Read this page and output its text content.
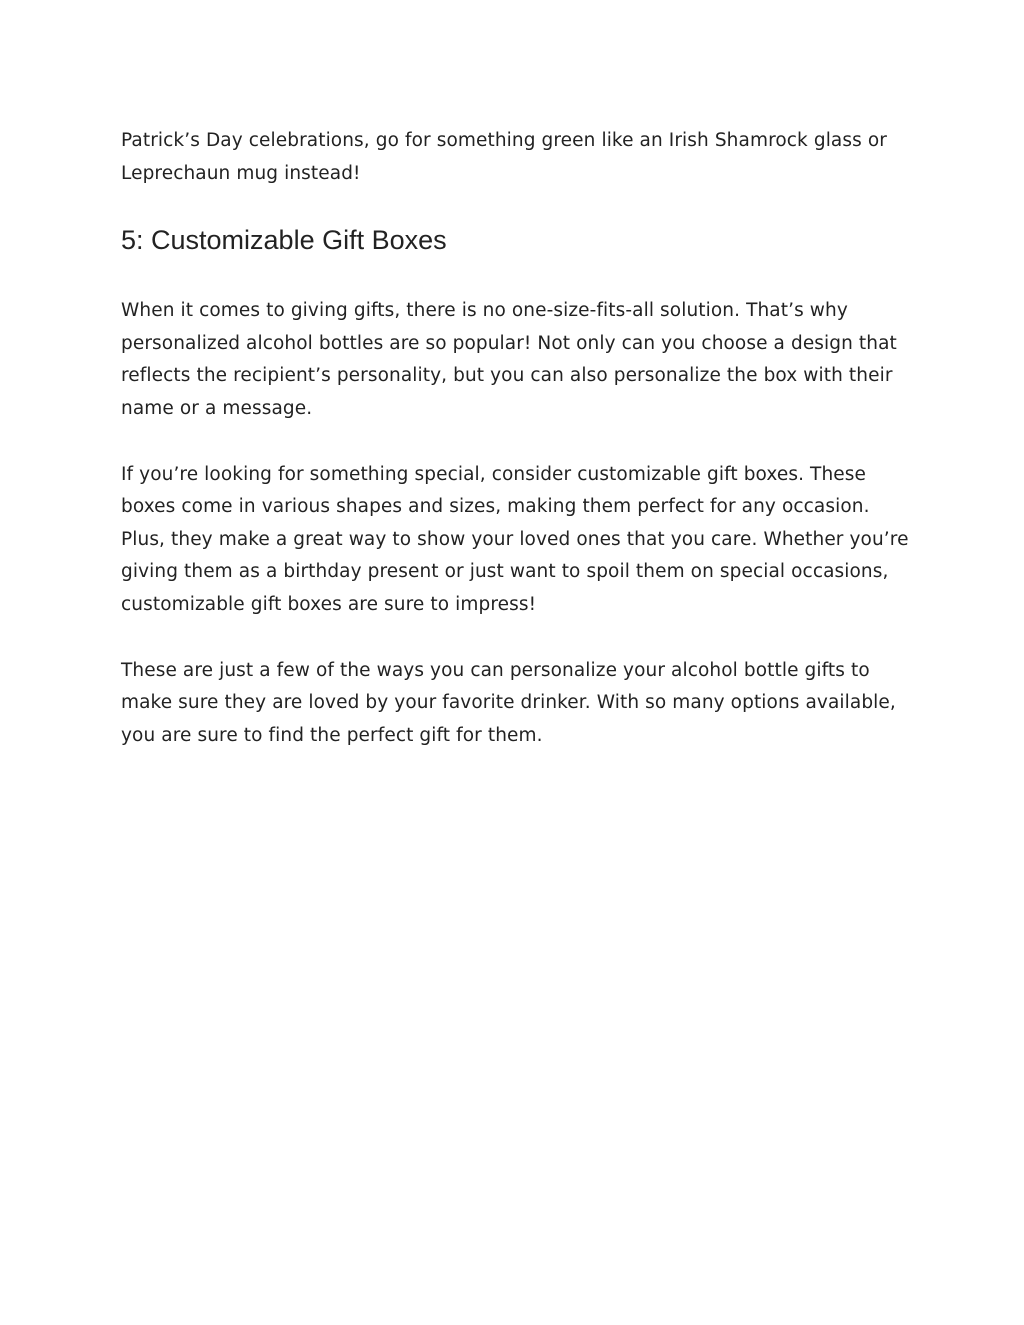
Patrick’s Day celebrations, go for something green like an Irish Shamrock glass or Leprechaun mug instead!

5: Customizable Gift Boxes

When it comes to giving gifts, there is no one-size-fits-all solution. That’s why personalized alcohol bottles are so popular! Not only can you choose a design that reflects the recipient’s personality, but you can also personalize the box with their name or a message.

If you’re looking for something special, consider customizable gift boxes. These boxes come in various shapes and sizes, making them perfect for any occasion. Plus, they make a great way to show your loved ones that you care. Whether you’re giving them as a birthday present or just want to spoil them on special occasions, customizable gift boxes are sure to impress!

These are just a few of the ways you can personalize your alcohol bottle gifts to make sure they are loved by your favorite drinker. With so many options available, you are sure to find the perfect gift for them.
